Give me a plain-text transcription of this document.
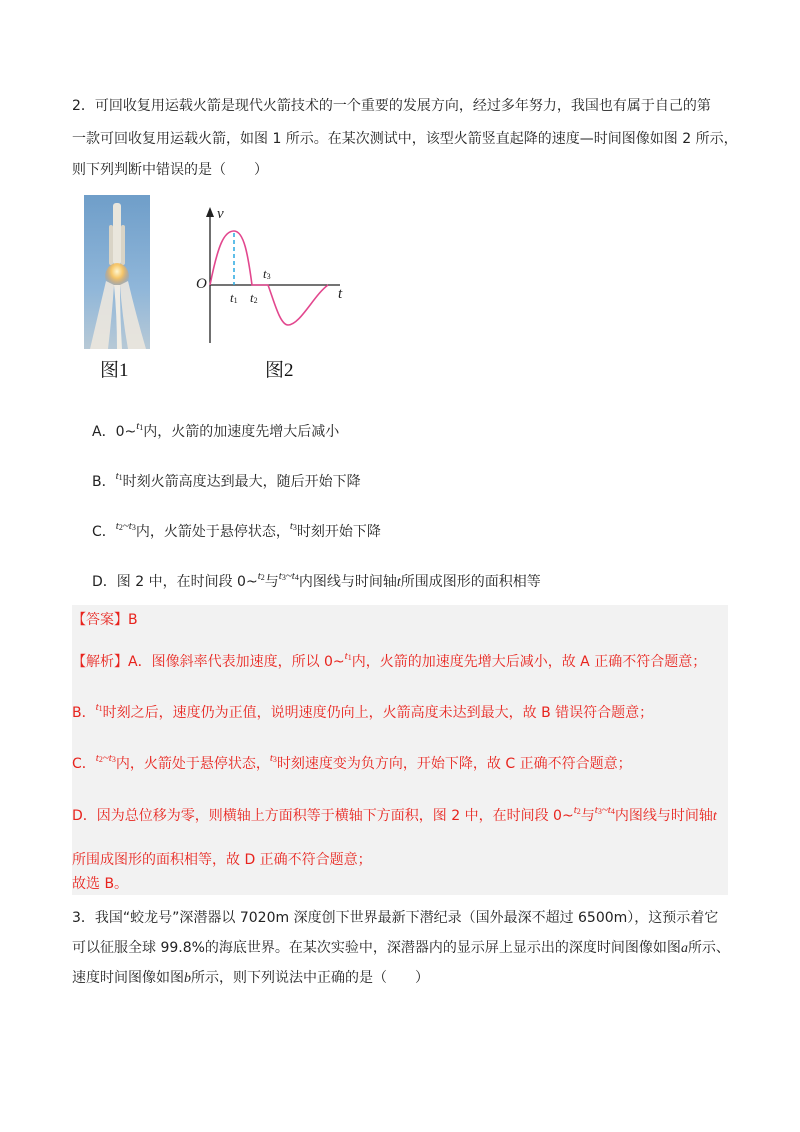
2．可回收复用运载火箭是现代火箭技术的一个重要的发展方向，经过多年努力，我国也有属于自己的第
一款可回收复用运载火箭，如图 1 所示。在某次测试中，该型火箭竖直起降的速度—时间图像如图 2 所示，
则下列判断中错误的是（　　）
图1
v
t
O
t1 t2
t3
图2
A．0~$^{t1}$内，火箭的加速度先增大后减小
B．$^{t1}$时刻火箭高度达到最大，随后开始下降
C．$^{t2\sim t3}$内，火箭处于悬停状态，$^{t3}$时刻开始下降
D．图 2 中，在时间段 0~$^{t2}$与$^{t3\sim t4}$内图线与时间轴t所围成图形的面积相等
【答案】B
【解析】A．图像斜率代表加速度，所以 0~$^{t1}$内，火箭的加速度先增大后减小，故 A 正确不符合题意；
B．$^{t1}$时刻之后，速度仍为正值，说明速度仍向上，火箭高度未达到最大，故 B 错误符合题意；
C．$^{t2\sim t3}$内，火箭处于悬停状态，$^{t3}$时刻速度变为负方向，开始下降，故 C 正确不符合题意；
D．因为总位移为零，则横轴上方面积等于横轴下方面积，图 2 中，在时间段 0~$^{t2}$与$^{t3\sim t4}$内图线与时间轴t
所围成图形的面积相等，故 D 正确不符合题意；
故选 B。
3．我国“蛟龙号”深潜器以 7020m 深度创下世界最新下潜纪录（国外最深不超过 6500m），这预示着它
可以征服全球 99.8%的海底世界。在某次实验中，深潜器内的显示屏上显示出的深度时间图像如图a所示、
速度时间图像如图b所示，则下列说法中正确的是（　　）
